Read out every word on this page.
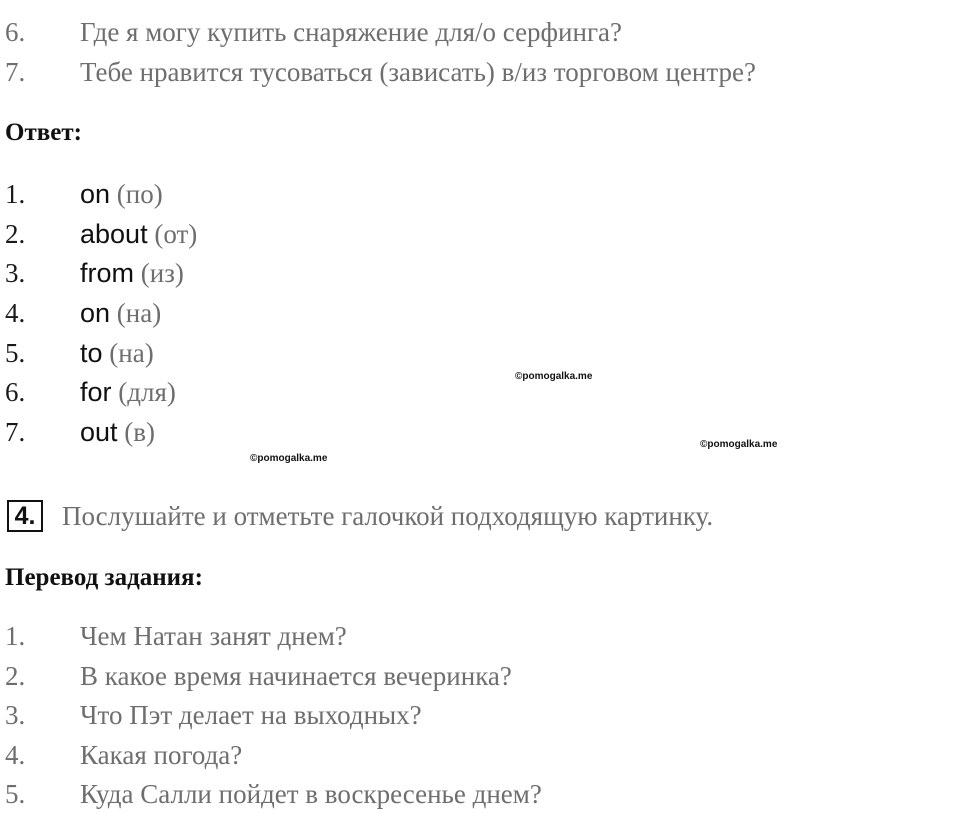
6. Где я могу купить снаряжение для/о серфинга?
7. Тебе нравится тусоваться (зависать) в/из торговом центре?
Ответ:
1. on (по)
2. about (от)
3. from (из)
4. on (на)
5. to (на)
6. for (для)
7. out (в)
©pomogalka.me
©pomogalka.me
©pomogalka.me
4. Послушайте и отметьте галочкой подходящую картинку.
Перевод задания:
1. Чем Натан занят днем?
2. В какое время начинается вечеринка?
3. Что Пэт делает на выходных?
4. Какая погода?
5. Куда Салли пойдет в воскресенье днем?
